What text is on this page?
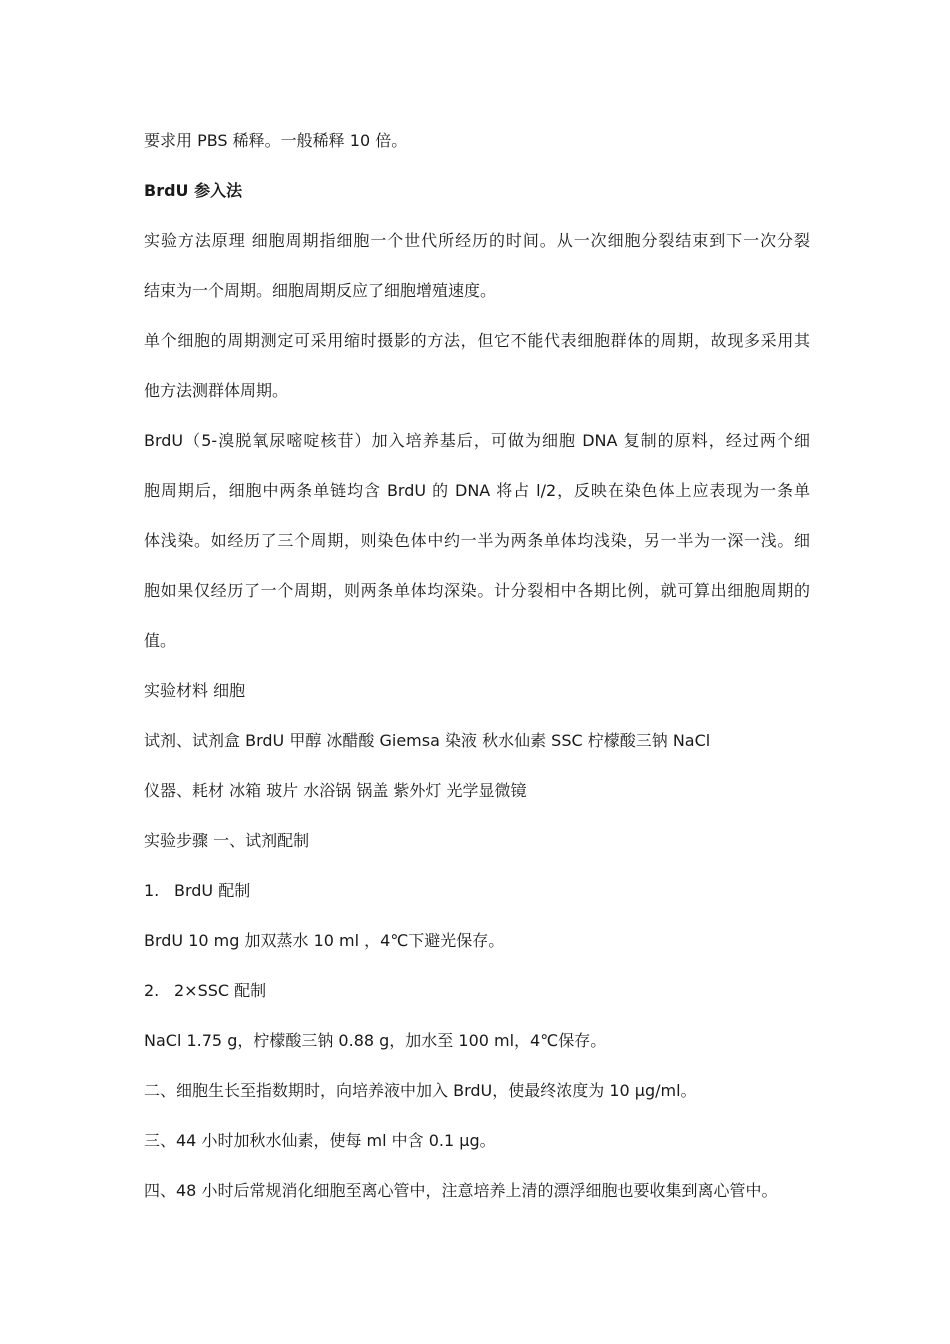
要求用 PBS 稀释。一般稀释 10 倍。

BrdU 参入法

实验方法原理 细胞周期指细胞一个世代所经历的时间。从一次细胞分裂结束到下一次分裂

结束为一个周期。细胞周期反应了细胞增殖速度。

单个细胞的周期测定可采用缩时摄影的方法，但它不能代表细胞群体的周期，故现多采用其

他方法测群体周期。

BrdU（5-溴脱氧尿嘧啶核苷）加入培养基后，可做为细胞 DNA 复制的原料，经过两个细

胞周期后，细胞中两条单链均含 BrdU 的 DNA 将占 l/2，反映在染色体上应表现为一条单

体浅染。如经历了三个周期，则染色体中约一半为两条单体均浅染，另一半为一深一浅。细

胞如果仅经历了一个周期，则两条单体均深染。计分裂相中各期比例，就可算出细胞周期的

值。

实验材料 细胞

试剂、试剂盒 BrdU 甲醇 冰醋酸 Giemsa 染液 秋水仙素 SSC 柠檬酸三钠 NaCl

仪器、耗材 冰箱 玻片 水浴锅 锅盖 紫外灯 光学显微镜

实验步骤 一、试剂配制

1. BrdU 配制

BrdU 10 mg 加双蒸水 10 ml ，4℃下避光保存。

2. 2×SSC 配制

NaCl 1.75 g，柠檬酸三钠 0.88 g，加水至 100 ml，4℃保存。

二、细胞生长至指数期时，向培养液中加入 BrdU，使最终浓度为 10 μg/ml。

三、44 小时加秋水仙素，使每 ml 中含 0.1 μg。

四、48 小时后常规消化细胞至离心管中，注意培养上清的漂浮细胞也要收集到离心管中。
